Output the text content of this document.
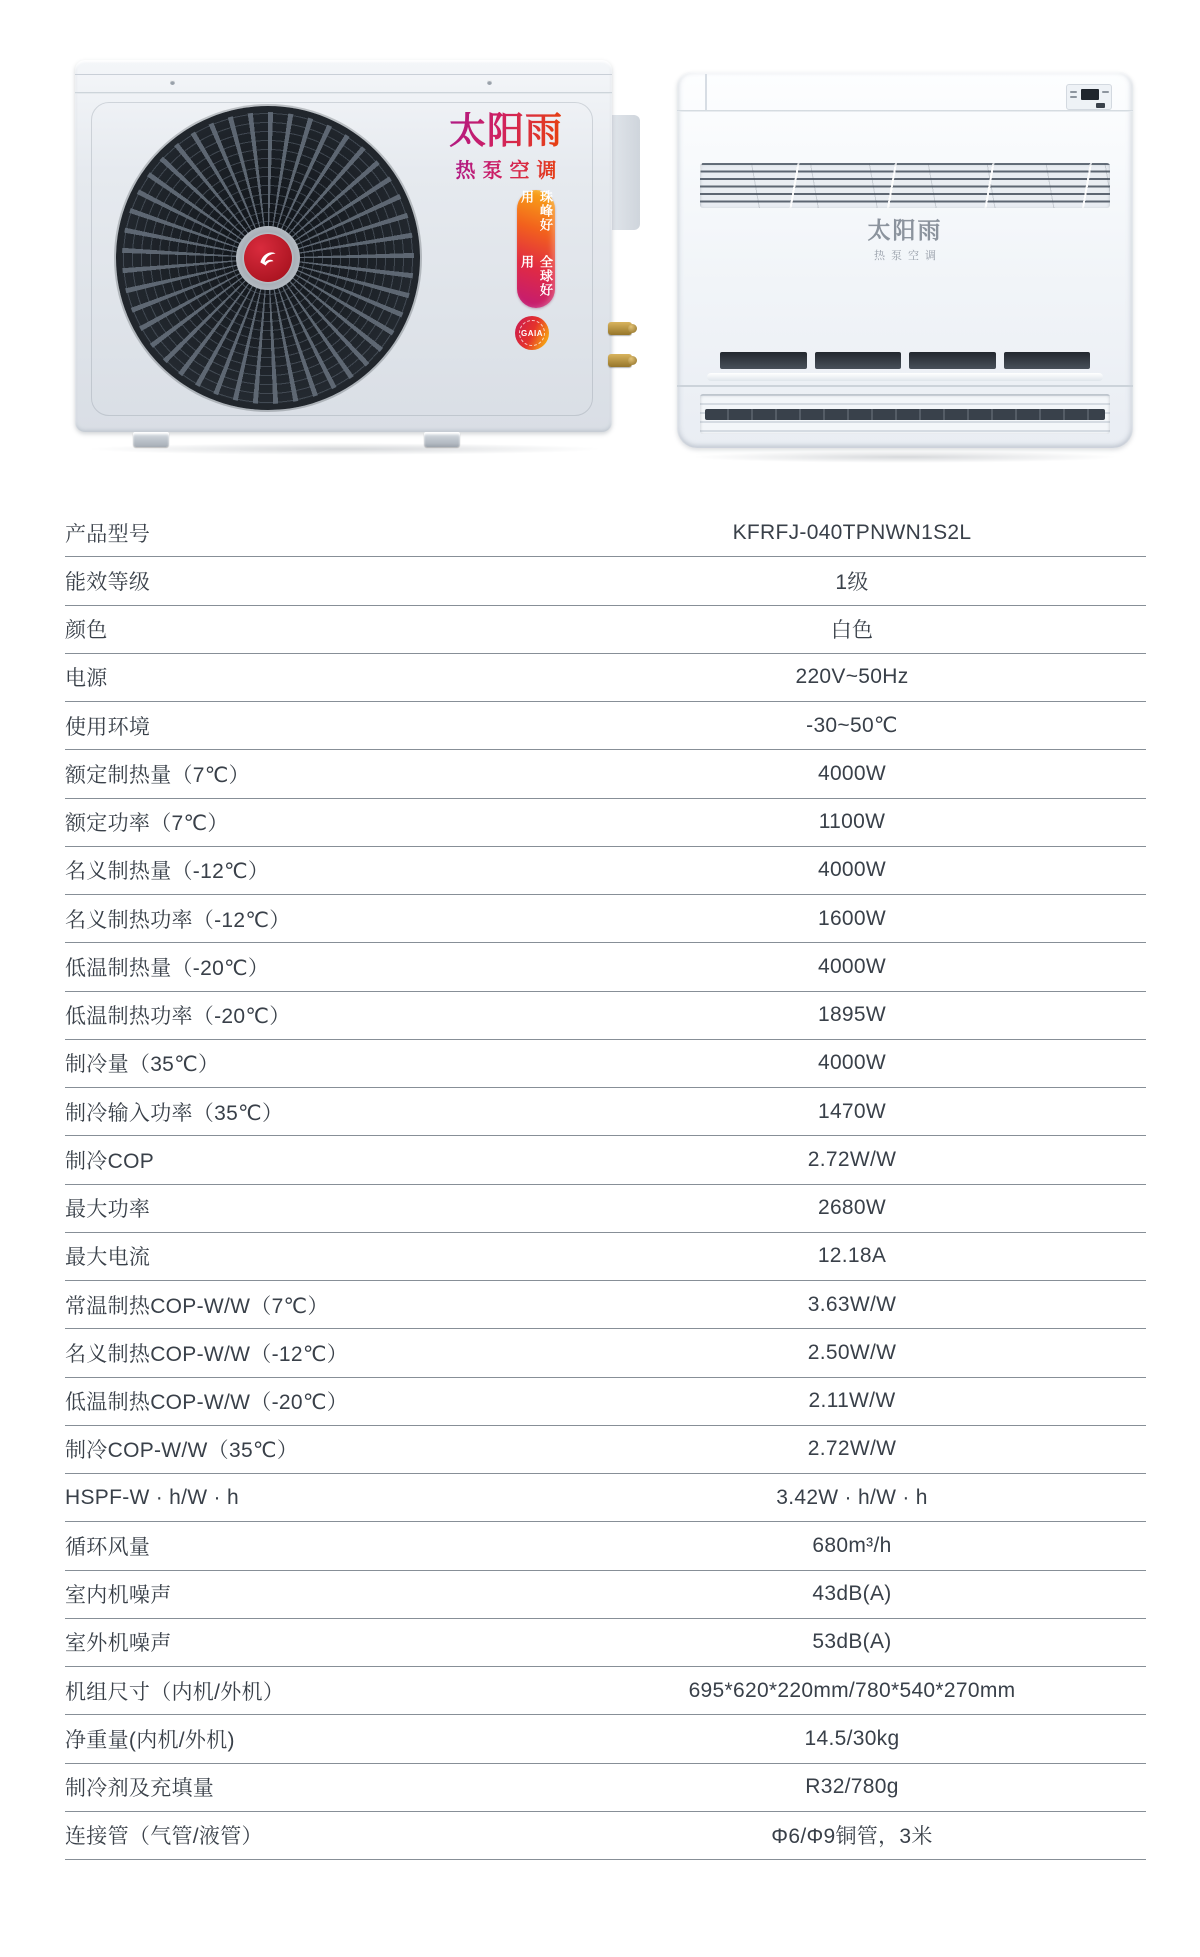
太阳雨
热泵空调
珠峰好用
全球好用
GAIA
太阳雨
热泵空调
产品型号	KFRFJ-040TPNWN1S2L
能效等级	1级
颜色	白色
电源	220V~50Hz
使用环境	-30~50℃
额定制热量（7℃）	4000W
额定功率（7℃）	1100W
名义制热量（-12℃）	4000W
名义制热功率（-12℃）	1600W
低温制热量（-20℃）	4000W
低温制热功率（-20℃）	1895W
制冷量（35℃）	4000W
制冷输入功率（35℃）	1470W
制冷COP	2.72W/W
最大功率	2680W
最大电流	12.18A
常温制热COP-W/W（7℃）	3.63W/W
名义制热COP-W/W（-12℃）	2.50W/W
低温制热COP-W/W（-20℃）	2.11W/W
制冷COP-W/W（35℃）	2.72W/W
HSPF-W · h/W · h	3.42W · h/W · h
循环风量	680m³/h
室内机噪声	43dB(A)
室外机噪声	53dB(A)
机组尺寸（内机/外机）	695*620*220mm/780*540*270mm
净重量(内机/外机)	14.5/30kg
制冷剂及充填量	R32/780g
连接管（气管/液管）	Φ6/Φ9铜管，3米
